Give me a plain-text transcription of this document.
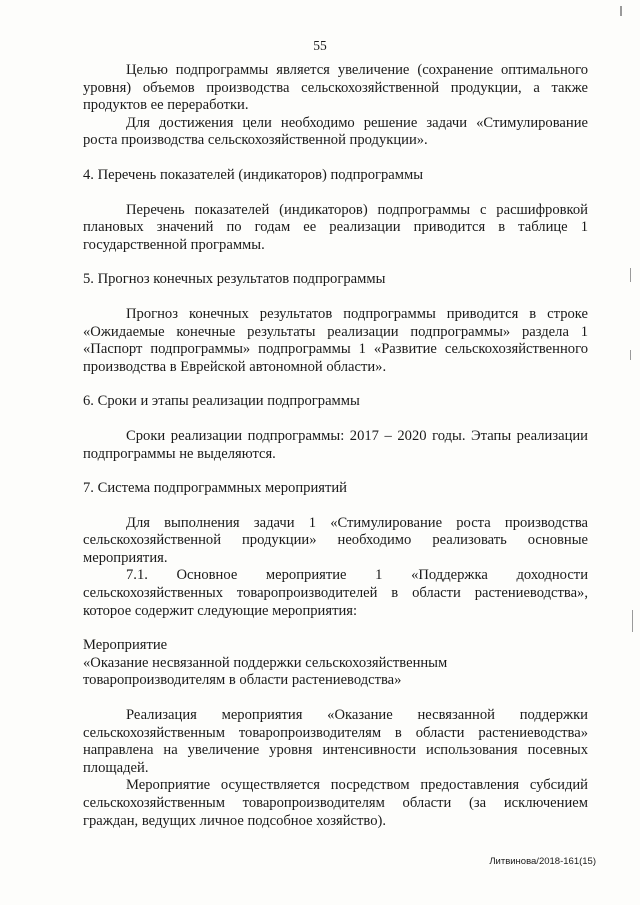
55

Целью подпрограммы является увеличение (сохранение оптимального уровня) объемов производства сельскохозяйственной продукции, а также продуктов ее переработки.

Для достижения цели необходимо решение задачи «Стимулирование роста производства сельскохозяйственной продукции».

4. Перечень показателей (индикаторов) подпрограммы

Перечень показателей (индикаторов) подпрограммы с расшифровкой плановых значений по годам ее реализации приводится в таблице 1 государственной программы.

5. Прогноз конечных результатов подпрограммы

Прогноз конечных результатов подпрограммы приводится в строке «Ожидаемые конечные результаты реализации подпрограммы» раздела 1 «Паспорт подпрограммы» подпрограммы 1 «Развитие сельскохозяйственного производства в Еврейской автономной области».

6. Сроки и этапы реализации подпрограммы

Сроки реализации подпрограммы: 2017 – 2020 годы. Этапы реализации подпрограммы не выделяются.

7. Система подпрограммных мероприятий

Для выполнения задачи 1 «Стимулирование роста производства сельскохозяйственной продукции» необходимо реализовать основные мероприятия.

7.1. Основное мероприятие 1 «Поддержка доходности сельскохозяйственных товаропроизводителей в области растениеводства», которое содержит следующие мероприятия:

Мероприятие

«Оказание несвязанной поддержки сельскохозяйственным

товаропроизводителям в области растениеводства»

Реализация мероприятия «Оказание несвязанной поддержки сельскохозяйственным товаропроизводителям в области растениеводства» направлена на увеличение уровня интенсивности использования посевных площадей.

Мероприятие осуществляется посредством предоставления субсидий сельскохозяйственным товаропроизводителям области (за исключением граждан, ведущих личное подсобное хозяйство).

Литвинова/2018-161(15)
